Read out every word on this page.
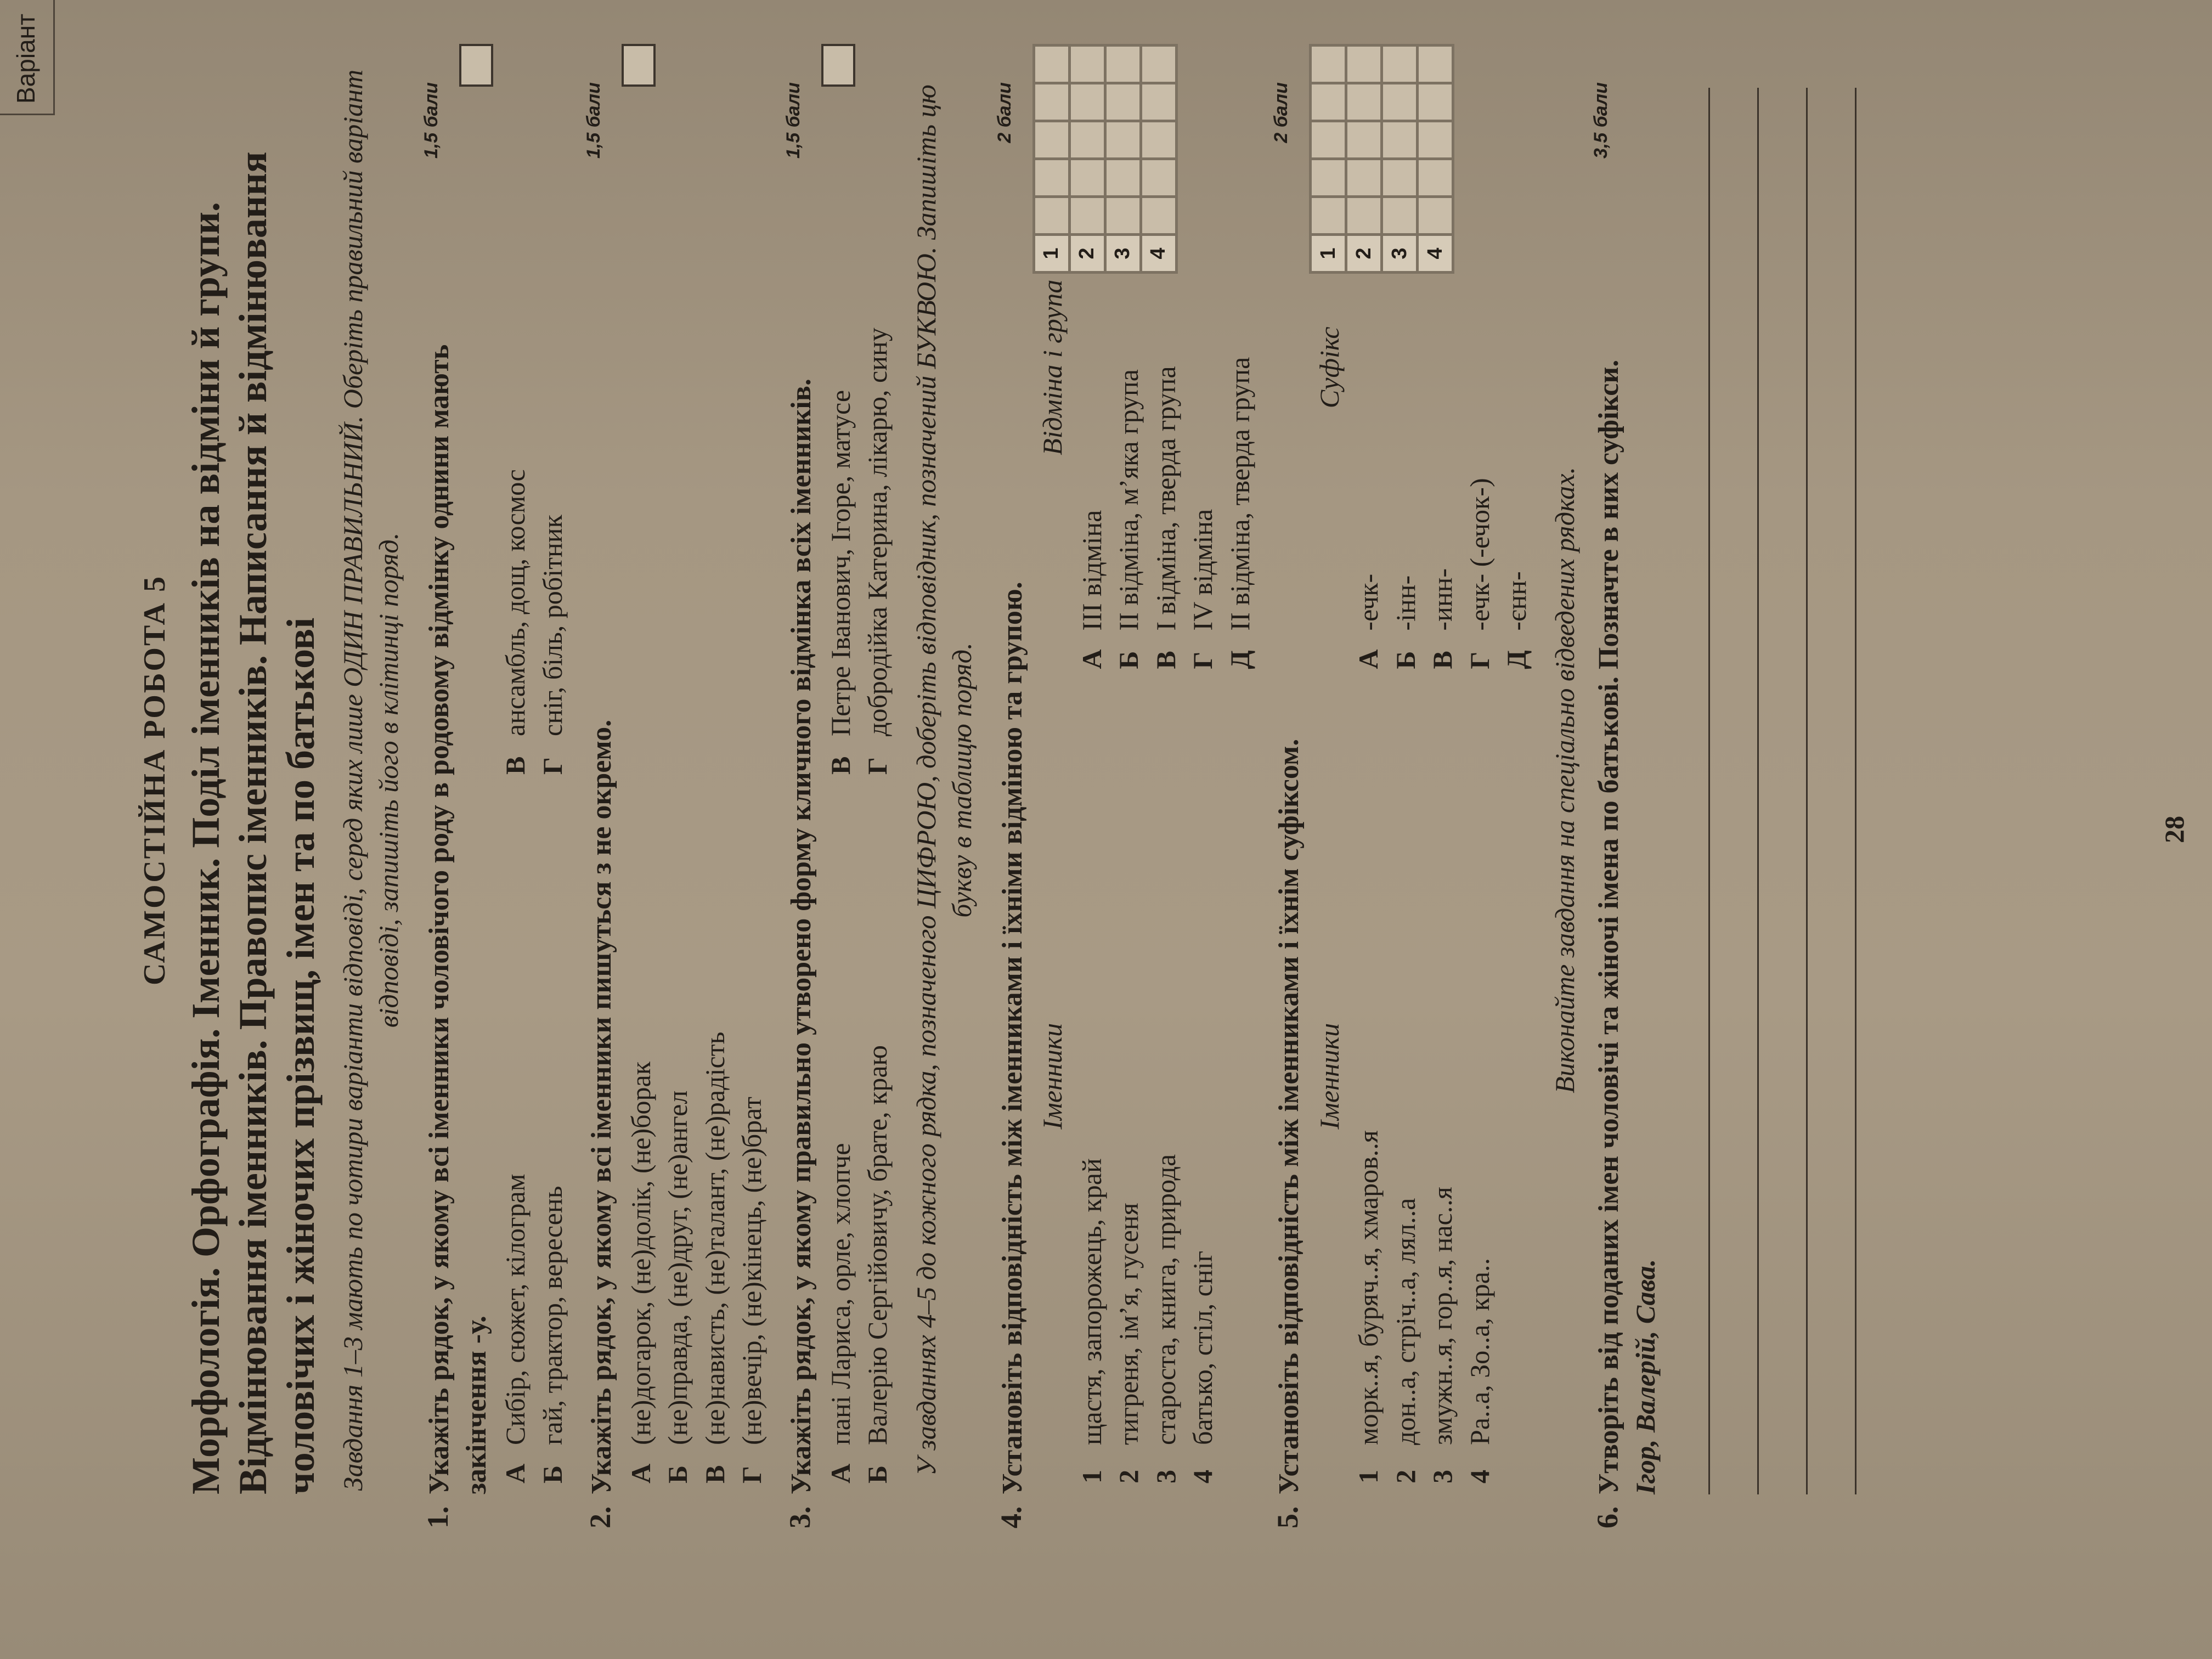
Варіант
САМОСТІЙНА РОБОТА 5 Морфологія. Орфографія. Іменник. Поділ іменників на відміни й групи. Відмінювання іменників. Правопис іменників. Написання й відмінювання чоловічих і жіночих прізвищ, імен та по батькові Завдання 1–3 мають по чотири варіанти відповіді, серед яких лише ОДИН ПРАВИЛЬНИЙ. Оберіть правильний варіант відповіді, запишіть його в клітинці поряд.
1.
1,5 бали
Укажіть рядок, у якому всі іменники чоловічого роду в родовому відмінку однини мають закінчення -у. А
Сибір, сюжет, кілограм
В
ансамбль, дощ, космос
Б
гай, трактор, вересень
Г
сніг, біль, робітник
2.
1,5 бали
Укажіть рядок, у якому всі іменники пишуться з не окремо. А
(не)догарок, (не)долік, (не)борак
Б
(не)правда, (не)друг, (не)ангел
В
(не)нависть, (не)талант, (не)радість
Г
(не)вечір, (не)кінець, (не)брат
3.
1,5 бали
Укажіть рядок, у якому правильно утворено форму кличного відмінка всіх іменників. А
пані Лариса, орле, хлопче
В
Петре Іванович, Ігоре, матусе
Б
Валерію Сергійовичу, брате, краю
Г
добродійка Катерина, лікарю, сину У завданнях 4–5 до кожного рядка, позначеного ЦИФРОЮ, доберіть відповідник, позначений БУКВОЮ. Запишіть цю букву в таблицю поряд.
4.
2 бали
1					
2					
3					
4					
Установіть відповідність між іменниками і їхніми відміною та групою. Іменники
1
щастя, запорожець, край
2
тигреня, ім’я, гусеня
3
староста, книга, природа
4
батько, стіл, сніг
Відміна і група
А
ІІІ відміна
Б
ІІ відміна, м’яка група
В
І відміна, тверда група
Г
IV відміна
Д
ІІ відміна, тверда група
5.
2 бали
1					
2					
3					
4					
Установіть відповідність між іменниками і їхнім суфіксом. Іменники
1
морк..я, буряч..я, хмаров..я
2
дон..а, стріч..а, лял..а
3
змужн..я, гор..я, нас..я
4
Ра..а, Зо..а, кра..
Суфікс
А
-ечк-
Б
-інн-
В
-инн-
Г
-ечк- (-ечок-)
Д
-єнн- Виконайте завдання на спеціально відведених рядках.
6.
3,5 бали
Утворіть від поданих імен чоловічі та жіночі імена по батькові. Позначте в них суфікси. Ігор, Валерій, Сава.
28
